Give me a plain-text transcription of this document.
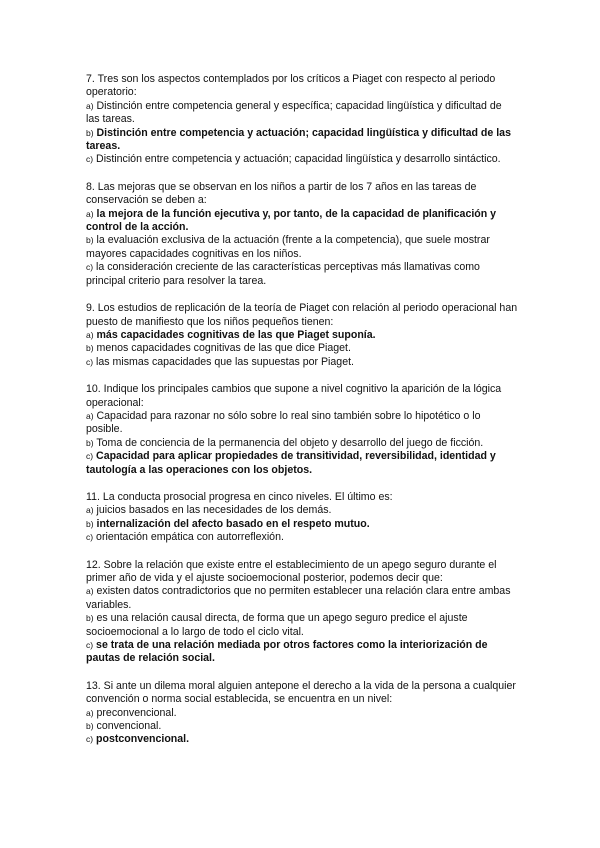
7. Tres son los aspectos contemplados por los críticos a Piaget con respecto al periodo operatorio:

a) Distinción entre competencia general y específica; capacidad lingüística y dificultad de las tareas.

b) Distinción entre competencia y actuación; capacidad lingüística y dificultad de las tareas.

c) Distinción entre competencia y actuación; capacidad lingüística y desarrollo sintáctico.

8. Las mejoras que se observan en los niños a partir de los 7 años en las tareas de conservación se deben a:

a) la mejora de la función ejecutiva y, por tanto, de la capacidad de planificación y control de la acción.

b) la evaluación exclusiva de la actuación (frente a la competencia), que suele mostrar mayores capacidades cognitivas en los niños.

c) la consideración creciente de las características perceptivas más llamativas como principal criterio para resolver la tarea.

9. Los estudios de replicación de la teoría de Piaget con relación al periodo operacional han puesto de manifiesto que los niños pequeños tienen:

a) más capacidades cognitivas de las que Piaget suponía.

b) menos capacidades cognitivas de las que dice Piaget.

c) las mismas capacidades que las supuestas por Piaget.

10. Indique los principales cambios que supone a nivel cognitivo la aparición de la lógica operacional:

a) Capacidad para razonar no sólo sobre lo real sino también sobre lo hipotético o lo posible.

b) Toma de conciencia de la permanencia del objeto y desarrollo del juego de ficción.

c) Capacidad para aplicar propiedades de transitividad, reversibilidad, identidad y tautología a las operaciones con los objetos.

11. La conducta prosocial progresa en cinco niveles. El último es:

a) juicios basados en las necesidades de los demás.

b) internalización del afecto basado en el respeto mutuo.

c) orientación empática con autorreflexión.

12. Sobre la relación que existe entre el establecimiento de un apego seguro durante el primer año de vida y el ajuste socioemocional posterior, podemos decir que:

a) existen datos contradictorios que no permiten establecer una relación clara entre ambas variables.

b) es una relación causal directa, de forma que un apego seguro predice el ajuste socioemocional a lo largo de todo el ciclo vital.

c) se trata de una relación mediada por otros factores como la interiorización de pautas de relación social.

13. Si ante un dilema moral alguien antepone el derecho a la vida de la persona a cualquier convención o norma social establecida, se encuentra en un nivel:

a) preconvencional.

b) convencional.

c) postconvencional.
